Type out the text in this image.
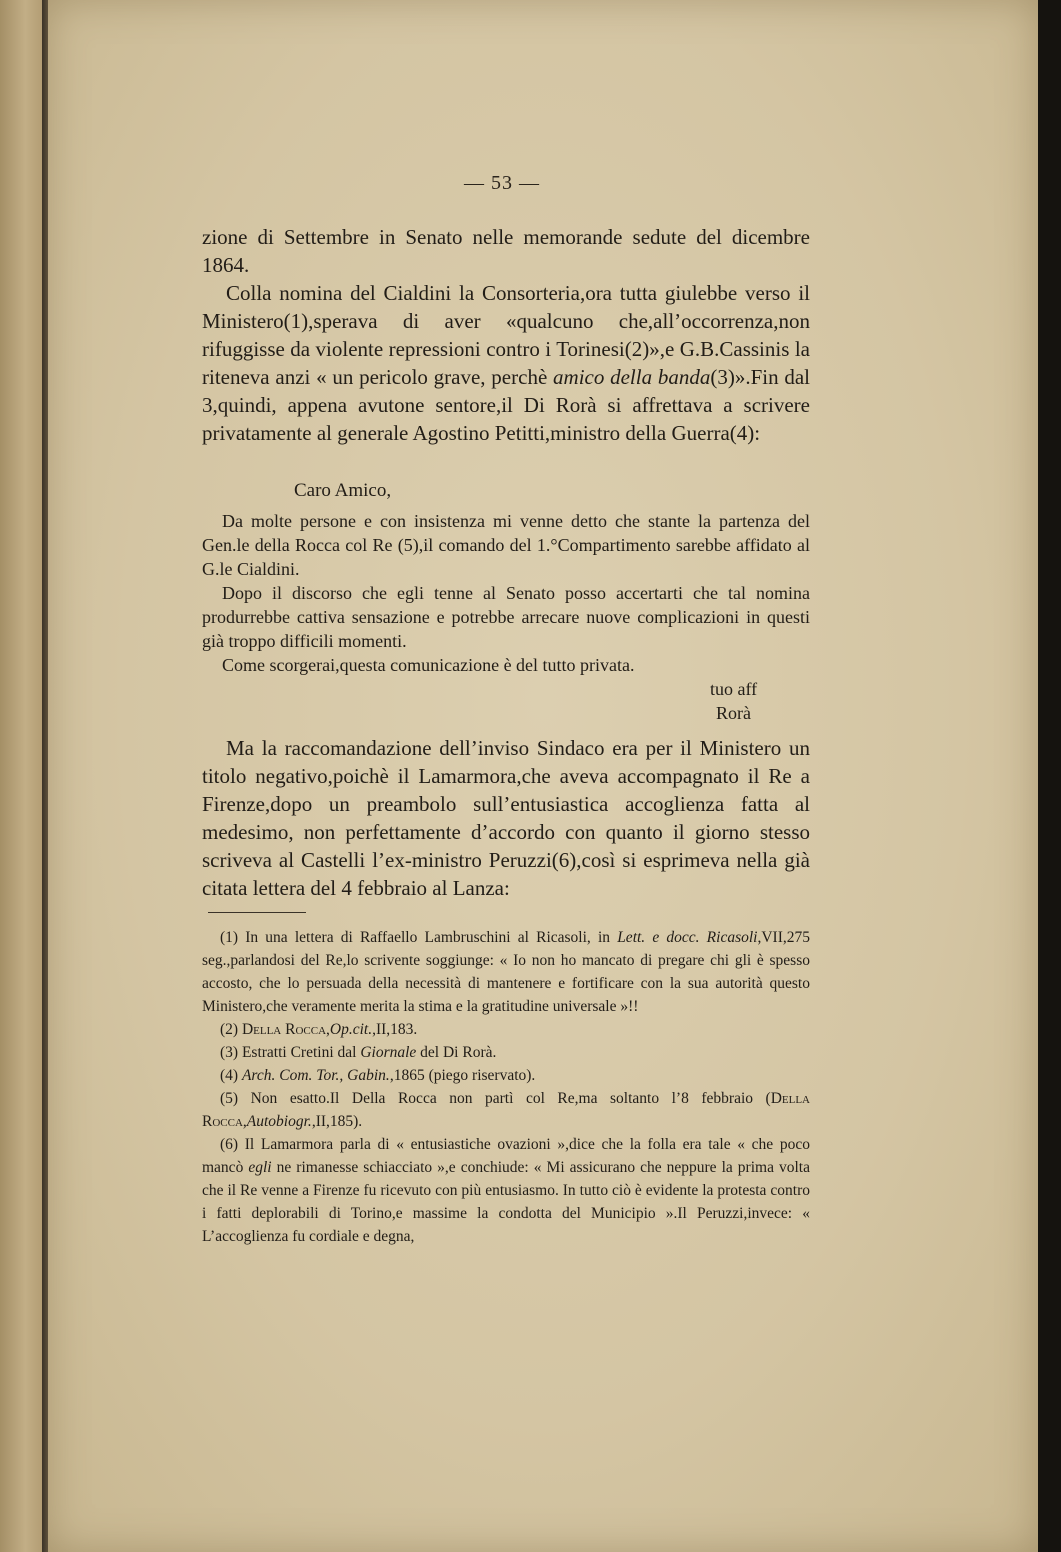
— 53 —

zione di Settembre in Senato nelle memorande sedute del dicembre 1864.

Colla nomina del Cialdini la Consorteria,ora tutta giulebbe verso il Ministero(1),sperava di aver «qualcuno che,all’occorrenza,non rifuggisse da violente repressioni contro i Torinesi(2)»,e G.B.Cassinis la riteneva anzi « un pericolo grave, perchè amico della banda(3)».Fin dal 3,quindi, appena avutone sentore,il Di Rorà si affrettava a scrivere privatamente al generale Agostino Petitti,ministro della Guerra(4):

Caro Amico,

Da molte persone e con insistenza mi venne detto che stante la partenza del Gen.le della Rocca col Re (5),il comando del 1.°Compartimento sarebbe affidato al G.le Cialdini.

Dopo il discorso che egli tenne al Senato posso accertarti che tal nomina produrrebbe cattiva sensazione e potrebbe arrecare nuove complicazioni in questi già troppo difficili momenti.

Come scorgerai,questa comunicazione è del tutto privata.

tuo aff

Rorà

Ma la raccomandazione dell’inviso Sindaco era per il Ministero un titolo negativo,poichè il Lamarmora,che aveva accompagnato il Re a Firenze,dopo un preambolo sull’entusiastica accoglienza fatta al medesimo, non perfettamente d’accordo con quanto il giorno stesso scriveva al Castelli l’ex-ministro Peruzzi(6),così si esprimeva nella già citata lettera del 4 febbraio al Lanza:

(1) In una lettera di Raffaello Lambruschini al Ricasoli, in Lett. e docc. Ricasoli,VII,275 seg.,parlandosi del Re,lo scrivente soggiunge: « Io non ho mancato di pregare chi gli è spesso accosto, che lo persuada della necessità di mantenere e fortificare con la sua autorità questo Ministero,che veramente merita la stima e la gratitudine universale »!!

(2) Della Rocca,Op.cit.,II,183.

(3) Estratti Cretini dal Giornale del Di Rorà.

(4) Arch. Com. Tor., Gabin.,1865 (piego riservato).

(5) Non esatto.Il Della Rocca non partì col Re,ma soltanto l’8 febbraio (Della Rocca,Autobiogr.,II,185).

(6) Il Lamarmora parla di « entusiastiche ovazioni »,dice che la folla era tale « che poco mancò egli ne rimanesse schiacciato »,e conchiude: « Mi assicurano che neppure la prima volta che il Re venne a Firenze fu ricevuto con più entusiasmo. In tutto ciò è evidente la protesta contro i fatti deplorabili di Torino,e massime la condotta del Municipio ».Il Peruzzi,invece: « L’accoglienza fu cordiale e degna,
